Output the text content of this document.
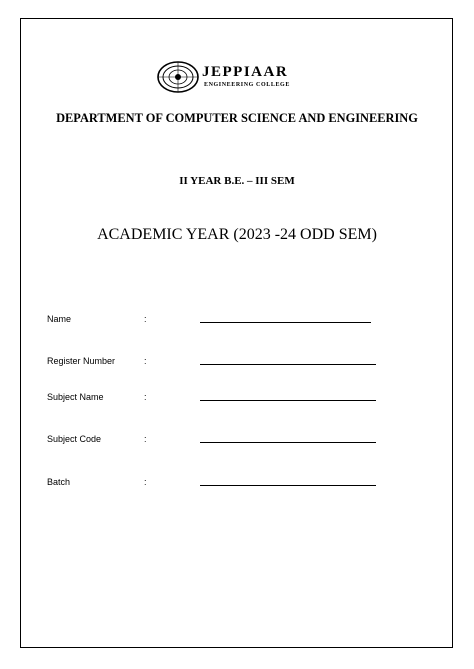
JEPPIAAR
ENGINEERING COLLEGE
DEPARTMENT OF COMPUTER SCIENCE AND ENGINEERING
II YEAR B.E. – III SEM
ACADEMIC YEAR (2023 -24 ODD SEM)
Name	:
Register Number	:
Subject Name	:
Subject Code	:
Batch	:
